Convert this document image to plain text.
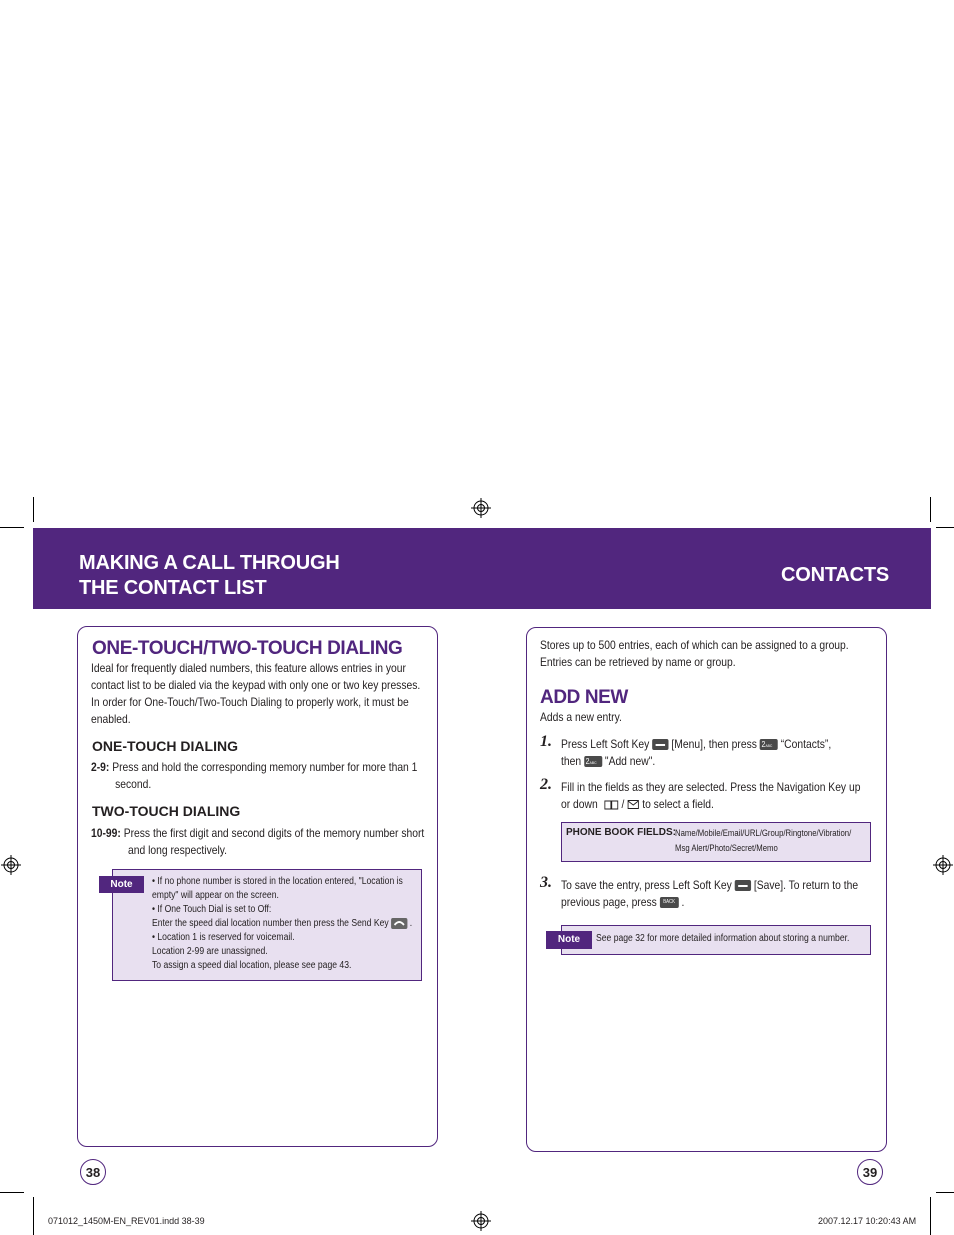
MAKING A CALL THROUGH
THE CONTACT LIST
CONTACTS
ONE-TOUCH/TWO-TOUCH DIALING
Ideal for frequently dialed numbers, this feature allows entries in your
contact list to be dialed via the keypad with only one or two key presses.
In order for One-Touch/Two-Touch Dialing to properly work, it must be
enabled.
ONE-TOUCH DIALING
2-9: Press and hold the corresponding memory number for more than 1
second.
TWO-TOUCH DIALING
10-99: Press the first digit and second digits of the memory number short
and long respectively.
Note	• If no phone number is stored in the location entered, "Location is
empty" will appear on the screen.
• If One Touch Dial is set to Off:
Enter the speed dial location number then press the Send Key  .
• Location 1 is reserved for voicemail.
Location 2-99 are unassigned.
To assign a speed dial location, please see page 43.
38
Stores up to 500 entries, each of which can be assigned to a group.
Entries can be retrieved by name or group.
ADD NEW
Adds a new entry.
1. Press Left Soft Key [Menu], then press 2ABC “Contacts”,
then 2ABC "Add new".
2. Fill in the fields as they are selected. Press the Navigation Key up
or down / to select a field.
PHONE BOOK FIELDS:
Name/Mobile/Email/URL/Group/Ringtone/Vibration/
Msg Alert/Photo/Secret/Memo
3. To save the entry, press Left Soft Key [Save]. To return to the
previous page, press BACK .
Note	See page 32 for more detailed information about storing a number.
39
071012_1450M-EN_REV01.indd 38-39	2007.12.17 10:20:43 AM
